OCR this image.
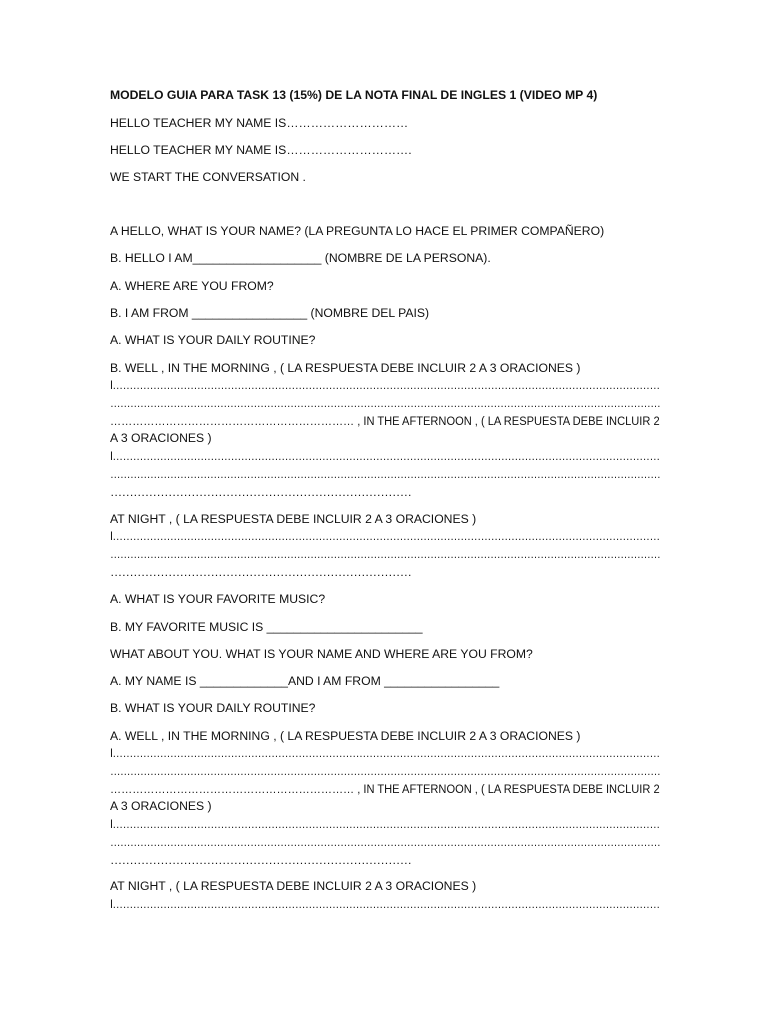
MODELO GUIA PARA TASK 13 (15%) DE LA NOTA FINAL DE INGLES 1 (VIDEO MP 4)
HELLO TEACHER MY NAME IS…………………………
HELLO TEACHER MY NAME IS………………………….
WE START THE CONVERSATION .
A HELLO, WHAT IS YOUR NAME? (LA PREGUNTA LO HACE EL PRIMER COMPAÑERO)
B. HELLO I AM___________________ (NOMBRE DE LA PERSONA).
A. WHERE ARE YOU FROM?
B. I AM FROM _________________ (NOMBRE DEL PAIS)
A. WHAT IS YOUR DAILY ROUTINE?
B. WELL , IN THE MORNING , ( LA RESPUESTA DEBE INCLUIR 2 A 3 ORACIONES )
I………………………………………………………………………………………………………………………………………………
…………………………………………………………………………………………………………………………………………………
………………………………………………………… , IN THE AFTERNOON , ( LA RESPUESTA DEBE INCLUIR 2
A 3 ORACIONES )
I………………………………………………………………………………………………………………………………………………
…………………………………………………………………………………………………………………………………………………
……………………………………………………………………
AT NIGHT , ( LA RESPUESTA DEBE INCLUIR 2 A 3 ORACIONES )
I………………………………………………………………………………………………………………………………………………
…………………………………………………………………………………………………………………………………………………
……………………………………………………………………
A. WHAT IS YOUR FAVORITE MUSIC?
B. MY FAVORITE MUSIC IS _______________________
WHAT ABOUT YOU. WHAT IS YOUR NAME AND WHERE ARE YOU FROM?
A. MY NAME IS _____________AND I AM FROM _________________
B. WHAT IS YOUR DAILY ROUTINE?
A. WELL , IN THE MORNING , ( LA RESPUESTA DEBE INCLUIR 2 A 3 ORACIONES )
I………………………………………………………………………………………………………………………………………………
…………………………………………………………………………………………………………………………………………………
………………………………………………………… , IN THE AFTERNOON , ( LA RESPUESTA DEBE INCLUIR 2
A 3 ORACIONES )
I………………………………………………………………………………………………………………………………………………
…………………………………………………………………………………………………………………………………………………
……………………………………………………………………
AT NIGHT , ( LA RESPUESTA DEBE INCLUIR 2 A 3 ORACIONES )
I………………………………………………………………………………………………………………………………………………
